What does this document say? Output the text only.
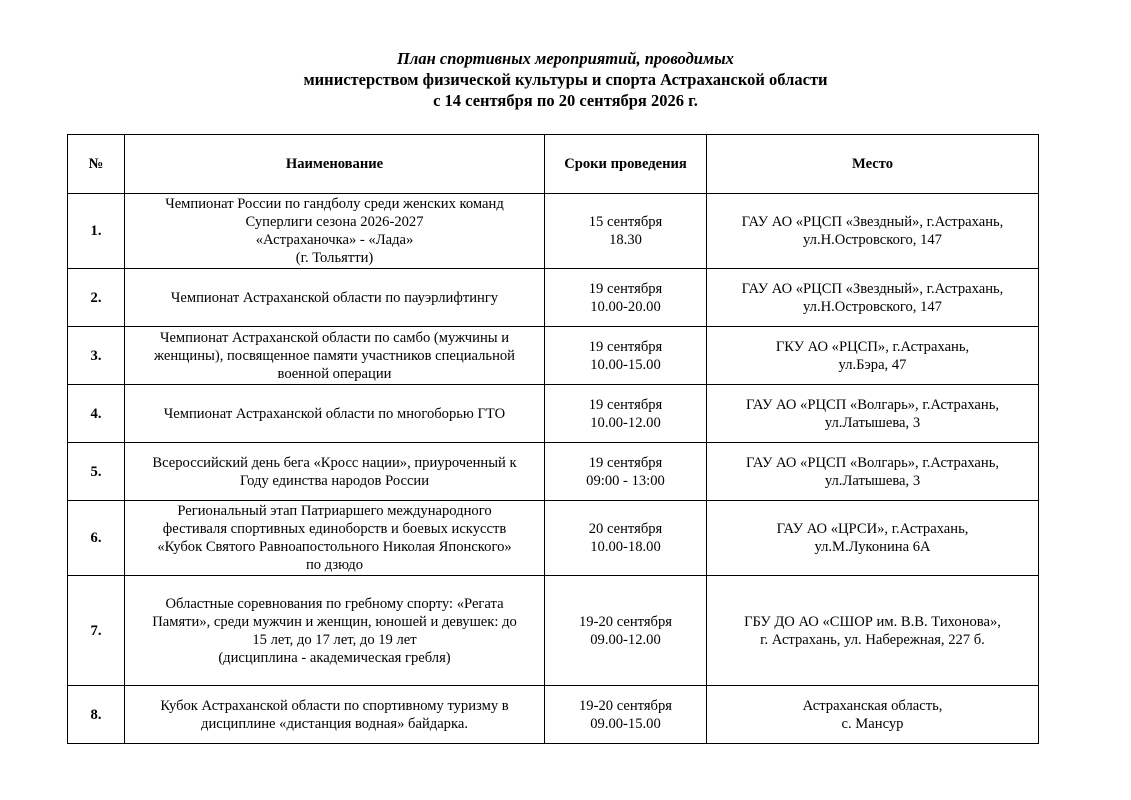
План спортивных мероприятий, проводимых
министерством физической культуры и спорта Астраханской области
с 14 сентября по 20 сентября 2026 г.
№	Наименование	Сроки проведения	Место
1.	Чемпионат России по гандболу среди женских команд
Суперлиги сезона 2026-2027
«Астраханочка» - «Лада»
(г. Тольятти)	15 сентября
18.30	ГАУ АО «РЦСП «Звездный», г.Астрахань,
ул.Н.Островского, 147

2.	Чемпионат Астраханской области по пауэрлифтингу	19 сентября
10.00-20.00	ГАУ АО «РЦСП «Звездный», г.Астрахань,
ул.Н.Островского, 147

3.	Чемпионат Астраханской области по самбо (мужчины и
женщины), посвященное памяти участников специальной
военной операции	19 сентября
10.00-15.00	ГКУ АО «РЦСП», г.Астрахань,
ул.Бэра, 47

4.	Чемпионат Астраханской области по многоборью ГТО	19 сентября
10.00-12.00	ГАУ АО «РЦСП «Волгарь», г.Астрахань,
ул.Латышева, 3

5.	Всероссийский день бега «Кросс нации», приуроченный к
Году единства народов России	19 сентября
09:00 - 13:00	ГАУ АО «РЦСП «Волгарь», г.Астрахань,
ул.Латышева, 3

6.	Региональный этап Патриаршего международного
фестиваля спортивных единоборств и боевых искусств
«Кубок Святого Равноапостольного Николая Японского»
по дзюдо	20 сентября
10.00-18.00	ГАУ АО «ЦРСИ», г.Астрахань,
ул.М.Луконина 6А

7.	Областные соревнования по гребному спорту: «Регата
Памяти», среди мужчин и женщин, юношей и девушек: до
15 лет, до 17 лет, до 19 лет
(дисциплина - академическая гребля)	19-20 сентября
09.00-12.00	ГБУ ДО АО «СШОР им. В.В. Тихонова»,
г. Астрахань, ул. Набережная, 227 б.

8.	Кубок Астраханской области по спортивному туризму в
дисциплине «дистанция водная» байдарка.	19-20 сентября
09.00-15.00	Астраханская область,
с. Мансур
